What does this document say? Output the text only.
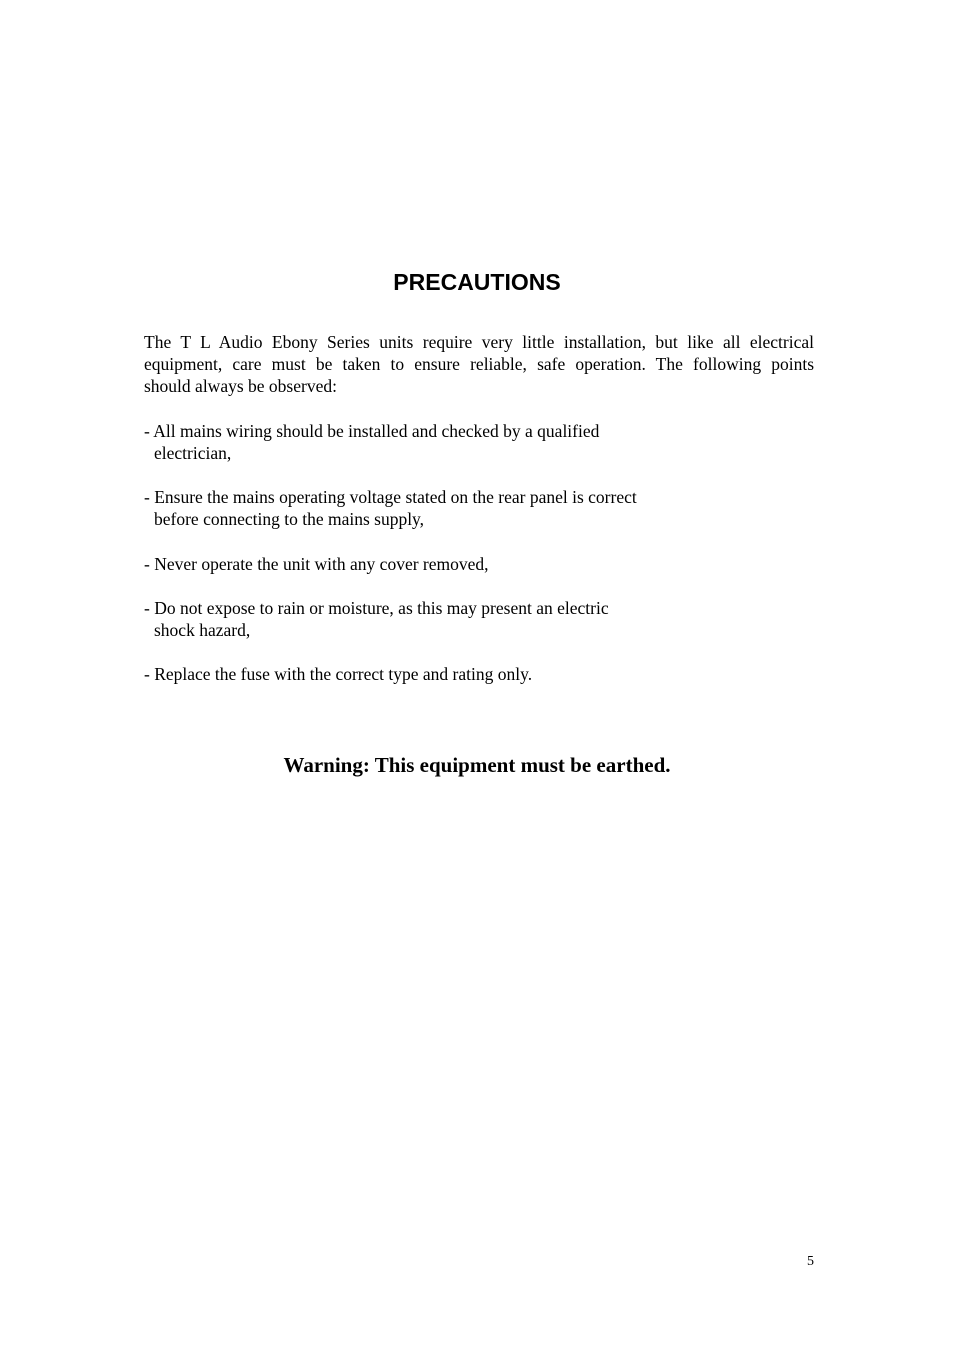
PRECAUTIONS

The T L Audio Ebony Series units require very little installation, but like all electrical
equipment, care must be taken to ensure reliable, safe operation. The following points
should always be observed:

- All mains wiring should be installed and checked by a qualified
electrician,

- Ensure the mains operating voltage stated on the rear panel is correct
before connecting to the mains supply,

- Never operate the unit with any cover removed,

- Do not expose to rain or moisture, as this may present an electric
shock hazard,

- Replace the fuse with the correct type and rating only.

Warning: This equipment must be earthed.

5
